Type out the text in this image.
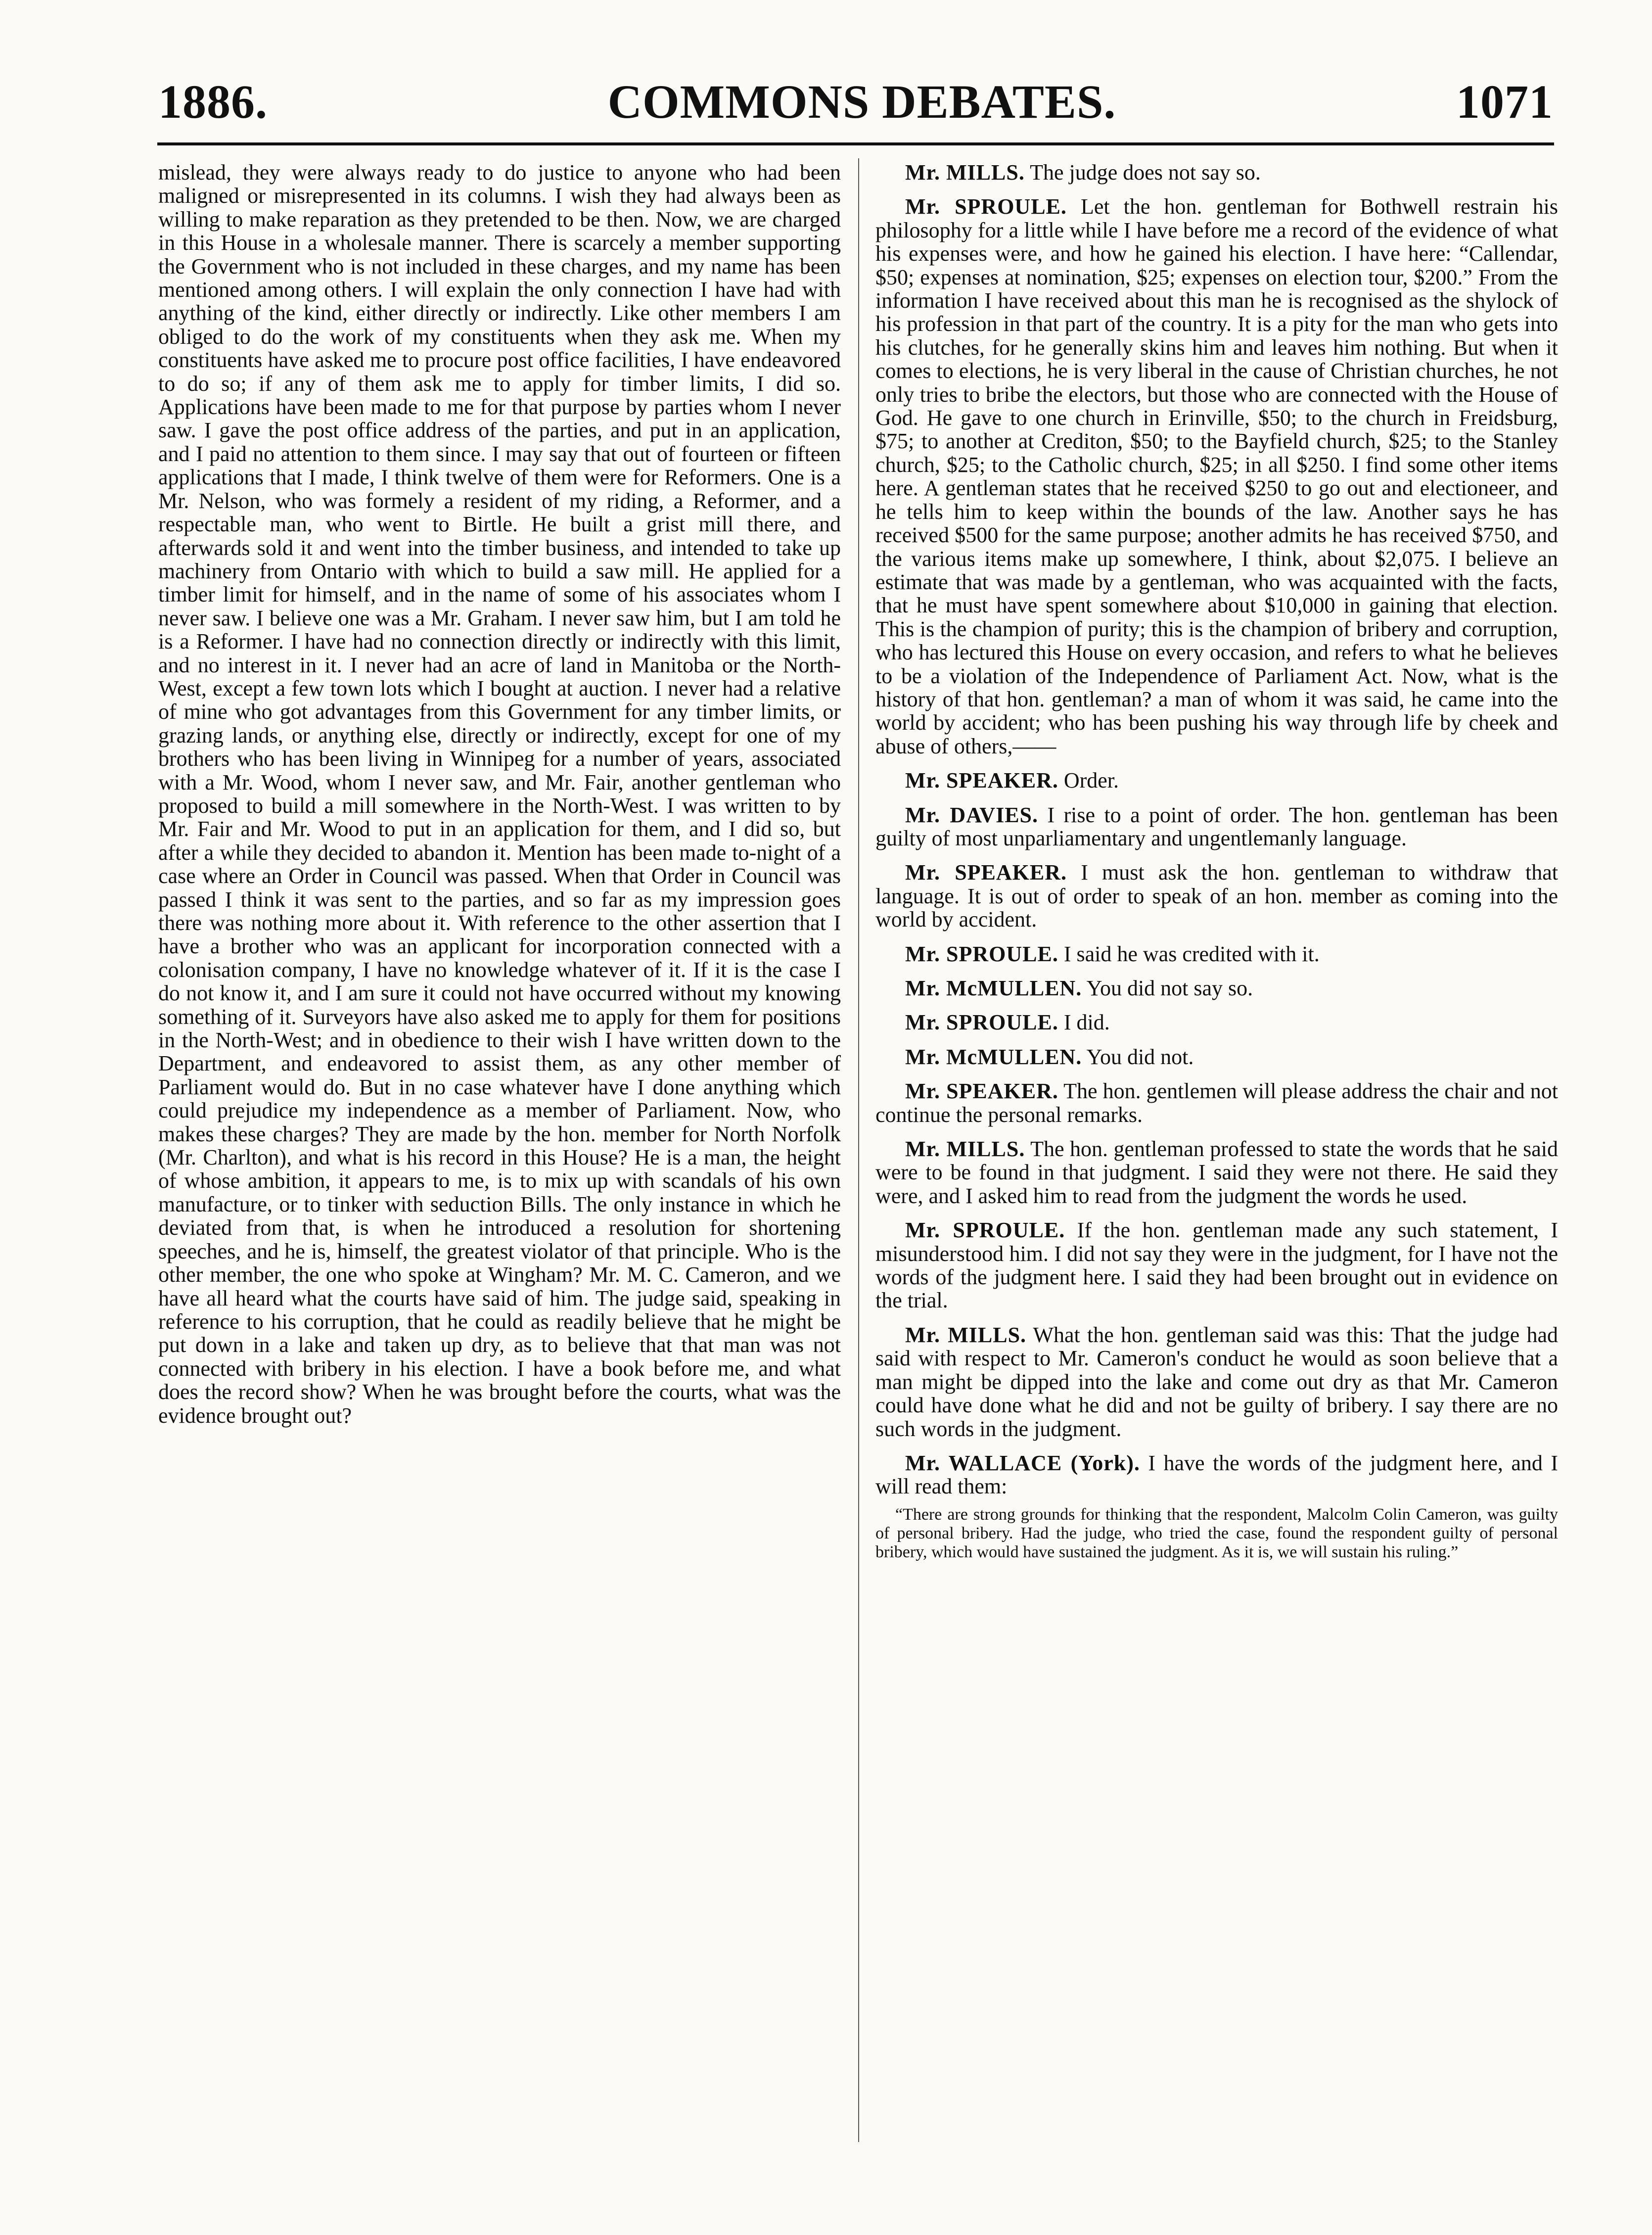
1886.	COMMONS DEBATES.	1071

mislead, they were always ready to do justice to anyone who had been maligned or misrepresented in its columns. I wish they had always been as willing to make reparation as they pretended to be then. Now, we are charged in this House in a wholesale manner. There is scarcely a member supporting the Government who is not included in these charges, and my name has been mentioned among others. I will explain the only connection I have had with anything of the kind, either directly or indirectly. Like other members I am obliged to do the work of my constituents when they ask me. When my constituents have asked me to procure post office facilities, I have endeavored to do so; if any of them ask me to apply for timber limits, I did so. Applications have been made to me for that purpose by parties whom I never saw. I gave the post office address of the parties, and put in an application, and I paid no attention to them since. I may say that out of fourteen or fifteen applications that I made, I think twelve of them were for Reformers. One is a Mr. Nelson, who was formely a resident of my riding, a Reformer, and a respectable man, who went to Birtle. He built a grist mill there, and afterwards sold it and went into the timber business, and intended to take up machinery from Ontario with which to build a saw mill. He applied for a timber limit for himself, and in the name of some of his associates whom I never saw. I believe one was a Mr. Graham. I never saw him, but I am told he is a Reformer. I have had no connection directly or indirectly with this limit, and no interest in it. I never had an acre of land in Manitoba or the North-West, except a few town lots which I bought at auction. I never had a relative of mine who got advantages from this Government for any timber limits, or grazing lands, or anything else, directly or indirectly, except for one of my brothers who has been living in Winnipeg for a number of years, associated with a Mr. Wood, whom I never saw, and Mr. Fair, another gentleman who proposed to build a mill somewhere in the North-West. I was written to by Mr. Fair and Mr. Wood to put in an application for them, and I did so, but after a while they decided to abandon it. Mention has been made to-night of a case where an Order in Council was passed. When that Order in Council was passed I think it was sent to the parties, and so far as my impression goes there was nothing more about it. With reference to the other assertion that I have a brother who was an applicant for incorporation connected with a colonisation company, I have no knowledge whatever of it. If it is the case I do not know it, and I am sure it could not have occurred without my knowing something of it. Surveyors have also asked me to apply for them for positions in the North-West; and in obedience to their wish I have written down to the Department, and endeavored to assist them, as any other member of Parliament would do. But in no case whatever have I done anything which could prejudice my independence as a member of Parliament. Now, who makes these charges? They are made by the hon. member for North Norfolk (Mr. Charlton), and what is his record in this House? He is a man, the height of whose ambition, it appears to me, is to mix up with scandals of his own manufacture, or to tinker with seduction Bills. The only instance in which he deviated from that, is when he introduced a resolution for shortening speeches, and he is, himself, the greatest violator of that principle. Who is the other member, the one who spoke at Wingham? Mr. M. C. Cameron, and we have all heard what the courts have said of him. The judge said, speaking in reference to his corruption, that he could as readily believe that he might be put down in a lake and taken up dry, as to believe that that man was not connected with bribery in his election. I have a book before me, and what does the record show? When he was brought before the courts, what was the evidence brought out?

Mr. MILLS. The judge does not say so.

Mr. SPROULE. Let the hon. gentleman for Bothwell restrain his philosophy for a little while I have before me a record of the evidence of what his expenses were, and how he gained his election. I have here: “Callendar, $50; expenses at nomination, $25; expenses on election tour, $200.” From the information I have received about this man he is recognised as the shylock of his profession in that part of the country. It is a pity for the man who gets into his clutches, for he generally skins him and leaves him nothing. But when it comes to elections, he is very liberal in the cause of Christian churches, he not only tries to bribe the electors, but those who are connected with the House of God. He gave to one church in Erinville, $50; to the church in Freidsburg, $75; to another at Crediton, $50; to the Bayfield church, $25; to the Stanley church, $25; to the Catholic church, $25; in all $250. I find some other items here. A gentleman states that he received $250 to go out and electioneer, and he tells him to keep within the bounds of the law. Another says he has received $500 for the same purpose; another admits he has received $750, and the various items make up somewhere, I think, about $2,075. I believe an estimate that was made by a gentleman, who was acquainted with the facts, that he must have spent somewhere about $10,000 in gaining that election. This is the champion of purity; this is the champion of bribery and corruption, who has lectured this House on every occasion, and refers to what he believes to be a violation of the Independence of Parliament Act. Now, what is the history of that hon. gentleman? a man of whom it was said, he came into the world by accident; who has been pushing his way through life by cheek and abuse of others,——

Mr. SPEAKER. Order.

Mr. DAVIES. I rise to a point of order. The hon. gentleman has been guilty of most unparliamentary and ungentlemanly language.

Mr. SPEAKER. I must ask the hon. gentleman to withdraw that language. It is out of order to speak of an hon. member as coming into the world by accident.

Mr. SPROULE. I said he was credited with it.

Mr. McMULLEN. You did not say so.

Mr. SPROULE. I did.

Mr. McMULLEN. You did not.

Mr. SPEAKER. The hon. gentlemen will please address the chair and not continue the personal remarks.

Mr. MILLS. The hon. gentleman professed to state the words that he said were to be found in that judgment. I said they were not there. He said they were, and I asked him to read from the judgment the words he used.

Mr. SPROULE. If the hon. gentleman made any such statement, I misunderstood him. I did not say they were in the judgment, for I have not the words of the judgment here. I said they had been brought out in evidence on the trial.

Mr. MILLS. What the hon. gentleman said was this: That the judge had said with respect to Mr. Cameron's conduct he would as soon believe that a man might be dipped into the lake and come out dry as that Mr. Cameron could have done what he did and not be guilty of bribery. I say there are no such words in the judgment.

Mr. WALLACE (York). I have the words of the judgment here, and I will read them:

“There are strong grounds for thinking that the respondent, Malcolm Colin Cameron, was guilty of personal bribery. Had the judge, who tried the case, found the respondent guilty of personal bribery, which would have sustained the judgment. As it is, we will sustain his ruling.”
